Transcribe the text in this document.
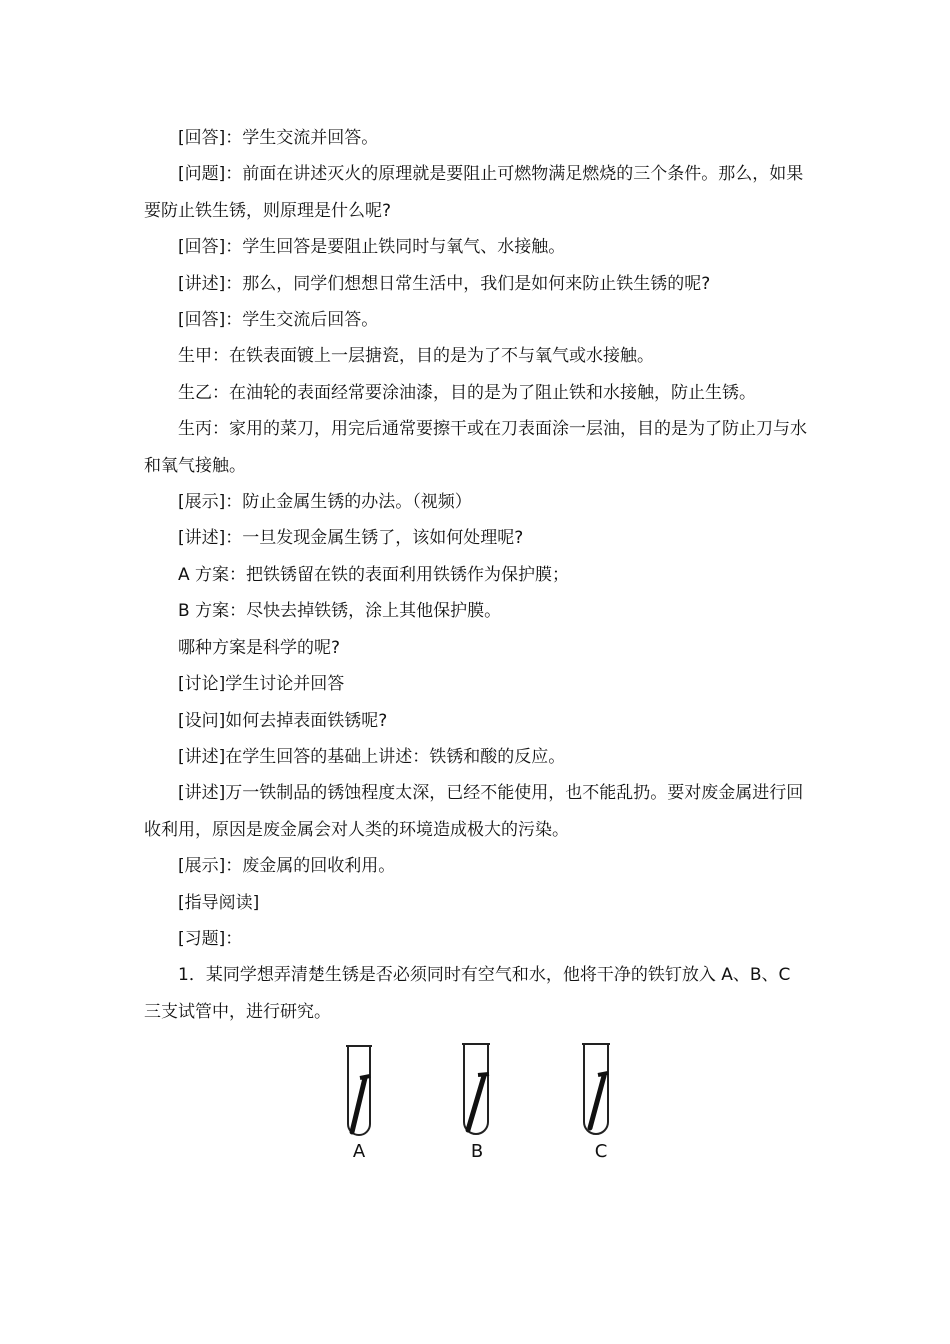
[回答]：学生交流并回答。

[问题]：前面在讲述灭火的原理就是要阻止可燃物满足燃烧的三个条件。那么，如果要防止铁生锈，则原理是什么呢?

[回答]：学生回答是要阻止铁同时与氧气、水接触。

[讲述]：那么，同学们想想日常生活中，我们是如何来防止铁生锈的呢?

[回答]：学生交流后回答。

生甲：在铁表面镀上一层搪瓷，目的是为了不与氧气或水接触。

生乙：在油轮的表面经常要涂油漆，目的是为了阻止铁和水接触，防止生锈。

生丙：家用的菜刀，用完后通常要擦干或在刀表面涂一层油，目的是为了防止刀与水和氧气接触。

[展示]：防止金属生锈的办法。（视频）

[讲述]：一旦发现金属生锈了，该如何处理呢?

A 方案：把铁锈留在铁的表面利用铁锈作为保护膜；

B 方案：尽快去掉铁锈，涂上其他保护膜。

哪种方案是科学的呢?

[讨论]学生讨论并回答

[设问]如何去掉表面铁锈呢?

[讲述]在学生回答的基础上讲述：铁锈和酸的反应。

[讲述]万一铁制品的锈蚀程度太深，已经不能使用，也不能乱扔。要对废金属进行回收利用，原因是废金属会对人类的环境造成极大的污染。

[展示]：废金属的回收利用。

[指导阅读]

[习题]：

1．某同学想弄清楚生锈是否必须同时有空气和水，他将干净的铁钉放入 A、B、C 三支试管中，进行研究。

A	B	C
